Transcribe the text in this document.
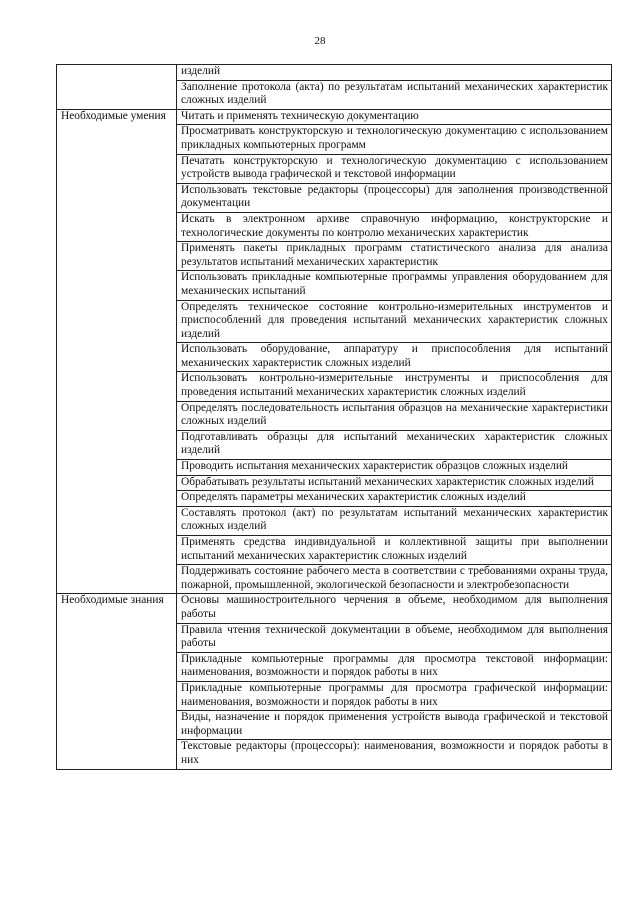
28
	изделий
	Заполнение протокола (акта) по результатам испытаний механических характеристик сложных изделий
Необходимые умения	Читать и применять техническую документацию
	Просматривать конструкторскую и технологическую документацию с использованием прикладных компьютерных программ
	Печатать конструкторскую и технологическую документацию с использованием устройств вывода графической и текстовой информации
	Использовать текстовые редакторы (процессоры) для заполнения производственной документации
	Искать в электронном архиве справочную информацию, конструкторские и технологические документы по контролю механических характеристик
	Применять пакеты прикладных программ статистического анализа для анализа результатов испытаний механических характеристик
	Использовать прикладные компьютерные программы управления оборудованием для механических испытаний
	Определять техническое состояние контрольно-измерительных инструментов и приспособлений для проведения испытаний механических характеристик сложных изделий
	Использовать оборудование, аппаратуру и приспособления для испытаний механических характеристик сложных изделий
	Использовать контрольно-измерительные инструменты и приспособления для проведения испытаний механических характеристик сложных изделий
	Определять последовательность испытания образцов на механические характеристики сложных изделий
	Подготавливать образцы для испытаний механических характеристик сложных изделий
	Проводить испытания механических характеристик образцов сложных изделий
	Обрабатывать результаты испытаний механических характеристик сложных изделий
	Определять параметры механических характеристик сложных изделий
	Составлять протокол (акт) по результатам испытаний механических характеристик сложных изделий
	Применять средства индивидуальной и коллективной защиты при выполнении испытаний механических характеристик сложных изделий
	Поддерживать состояние рабочего места в соответствии с требованиями охраны труда, пожарной, промышленной, экологической безопасности и электробезопасности
Необходимые знания	Основы машиностроительного черчения в объеме, необходимом для выполнения работы
	Правила чтения технической документации в объеме, необходимом для выполнения работы
	Прикладные компьютерные программы для просмотра текстовой информации: наименования, возможности и порядок работы в них
	Прикладные компьютерные программы для просмотра графической информации: наименования, возможности и порядок работы в них
	Виды, назначение и порядок применения устройств вывода графической и текстовой информации
	Текстовые редакторы (процессоры): наименования, возможности и порядок работы в них
